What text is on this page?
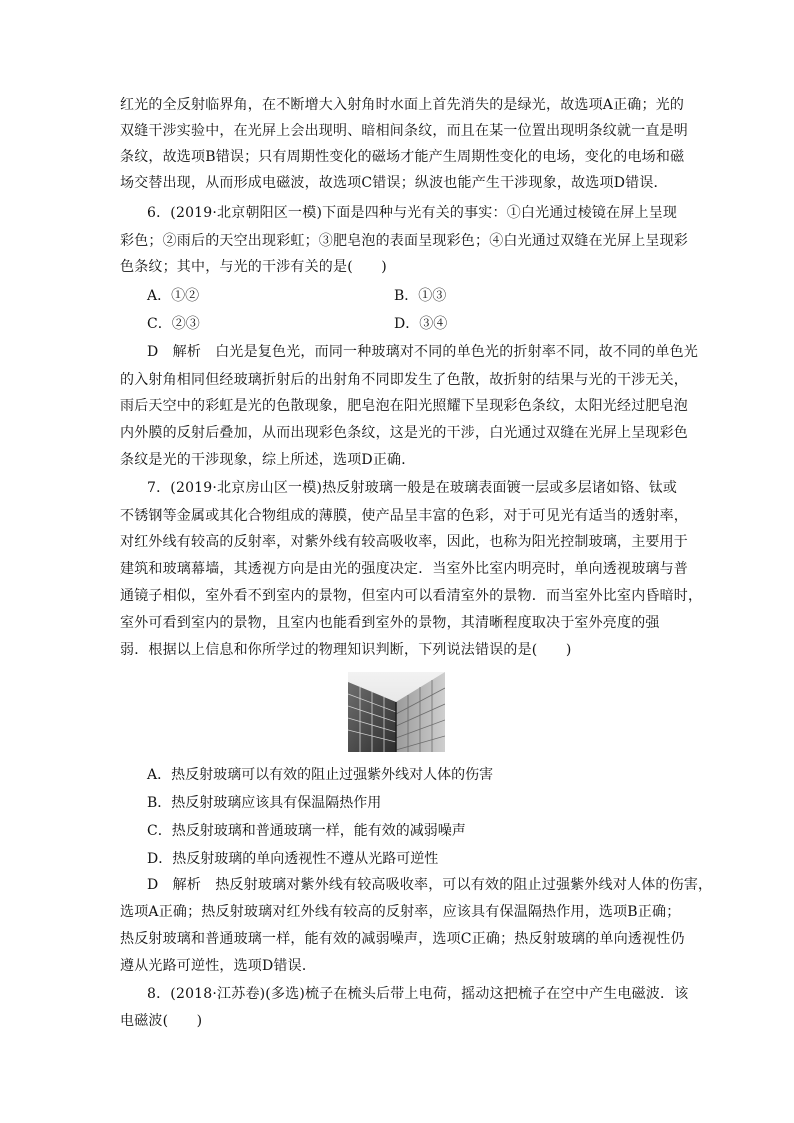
红光的全反射临界角，在不断增大入射角时水面上首先消失的是绿光，故选项A正确；光的
双缝干涉实验中，在光屏上会出现明、暗相间条纹，而且在某一位置出现明条纹就一直是明
条纹，故选项B错误；只有周期性变化的磁场才能产生周期性变化的电场，变化的电场和磁
场交替出现，从而形成电磁波，故选项C错误；纵波也能产生干涉现象，故选项D错误．
6．(2019·北京朝阳区一模)下面是四种与光有关的事实：①白光通过棱镜在屏上呈现
彩色；②雨后的天空出现彩虹；③肥皂泡的表面呈现彩色；④白光通过双缝在光屏上呈现彩
色条纹；其中，与光的干涉有关的是(　　)
A．①②	B．①③
C．②③	D．③④
D　解析　白光是复色光，而同一种玻璃对不同的单色光的折射率不同，故不同的单色光
的入射角相同但经玻璃折射后的出射角不同即发生了色散，故折射的结果与光的干涉无关，
雨后天空中的彩虹是光的色散现象，肥皂泡在阳光照耀下呈现彩色条纹，太阳光经过肥皂泡
内外膜的反射后叠加，从而出现彩色条纹，这是光的干涉，白光通过双缝在光屏上呈现彩色
条纹是光的干涉现象，综上所述，选项D正确．
7．(2019·北京房山区一模)热反射玻璃一般是在玻璃表面镀一层或多层诸如铬、钛或
不锈钢等金属或其化合物组成的薄膜，使产品呈丰富的色彩，对于可见光有适当的透射率，
对红外线有较高的反射率，对紫外线有较高吸收率，因此，也称为阳光控制玻璃，主要用于
建筑和玻璃幕墙，其透视方向是由光的强度决定．当室外比室内明亮时，单向透视玻璃与普
通镜子相似，室外看不到室内的景物，但室内可以看清室外的景物．而当室外比室内昏暗时，
室外可看到室内的景物，且室内也能看到室外的景物，其清晰程度取决于室外亮度的强
弱．根据以上信息和你所学过的物理知识判断，下列说法错误的是(　　)
A．热反射玻璃可以有效的阻止过强紫外线对人体的伤害
B．热反射玻璃应该具有保温隔热作用
C．热反射玻璃和普通玻璃一样，能有效的减弱噪声
D．热反射玻璃的单向透视性不遵从光路可逆性
D　解析　热反射玻璃对紫外线有较高吸收率，可以有效的阻止过强紫外线对人体的伤害，
选项A正确；热反射玻璃对红外线有较高的反射率，应该具有保温隔热作用，选项B正确；
热反射玻璃和普通玻璃一样，能有效的减弱噪声，选项C正确；热反射玻璃的单向透视性仍
遵从光路可逆性，选项D错误．
8．(2018·江苏卷)(多选)梳子在梳头后带上电荷，摇动这把梳子在空中产生电磁波．该
电磁波(　　)
